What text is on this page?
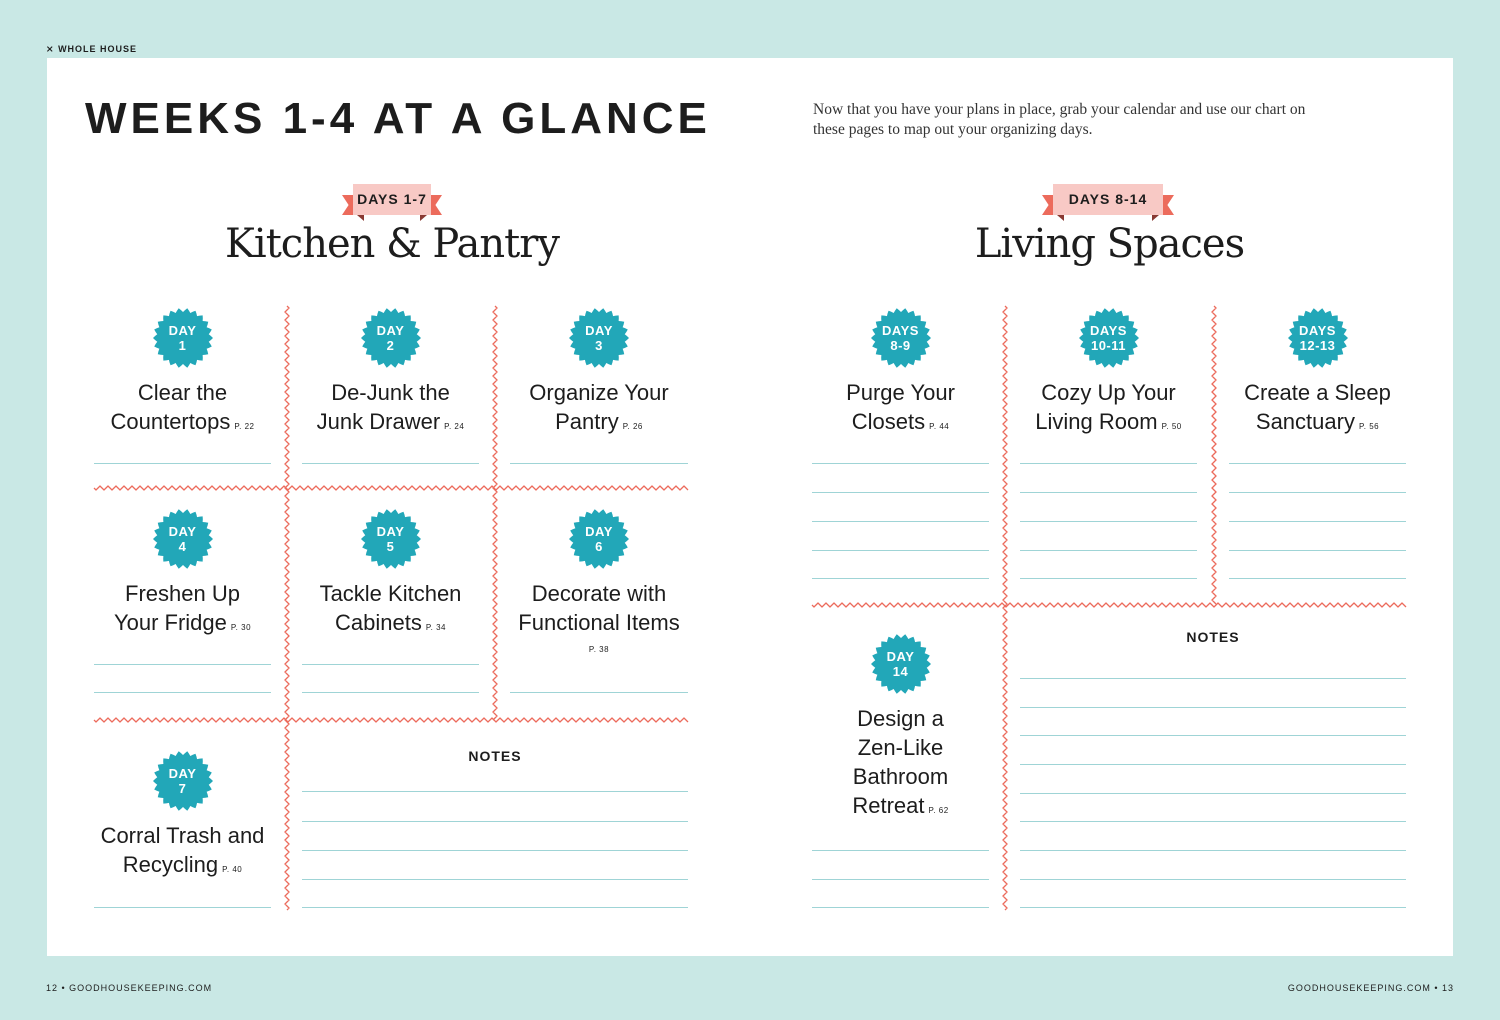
⨯ WHOLE HOUSE
WEEKS 1-4 AT A GLANCE	Now that you have your plans in place, grab your calendar and use our chart on these pages to map out your organizing days.

DAYS 1-7
Kitchen & Pantry
DAY
1

Clear the
Countertops P. 22

DAY
2

De-Junk the
Junk Drawer P. 24

DAY
3

Organize Your
Pantry P. 26

DAY
4

Freshen Up
Your Fridge P. 30

DAY
5

Tackle Kitchen
Cabinets P. 34

DAY
6

Decorate with
Functional Items
P. 38

DAY
7

Corral Trash and
Recycling P. 40

NOTES

DAYS 8-14
Living Spaces
DAYS
8-9

Purge Your
Closets P. 44

DAYS
10-11

Cozy Up Your
Living Room P. 50

DAYS
12-13

Create a Sleep
Sanctuary P. 56

DAY
14

Design a
Zen-Like
Bathroom
Retreat P. 62

NOTES

12 • GOODHOUSEKEEPING.COM	GOODHOUSEKEEPING.COM • 13
